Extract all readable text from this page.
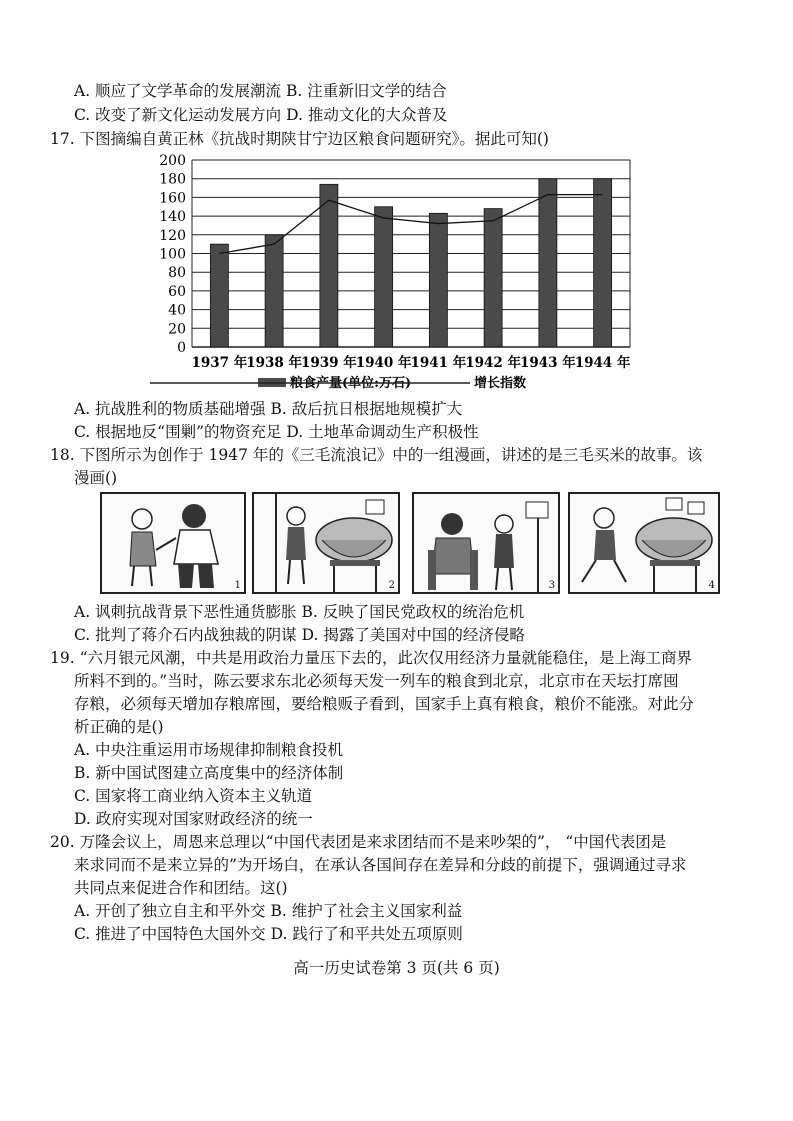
A. 顺应了文学革命的发展潮流 B. 注重新旧文学的结合
C. 改变了新文化运动发展方向 D. 推动文化的大众普及
17. 下图摘编自黄正林《抗战时期陕甘宁边区粮食问题研究》。据此可知()
0
20
40
60
80
100
120
140
160
180
200
1937 年
1938 年
1939 年
1940 年
1941 年
1942 年
1943 年
1944 年
粮食产量(单位:万石)	增长指数
A. 抗战胜利的物质基础增强 B. 敌后抗日根据地规模扩大
C. 根据地反“围剿”的物资充足 D. 土地革命调动生产积极性
18. 下图所示为创作于 1947 年的《三毛流浪记》中的一组漫画，讲述的是三毛买米的故事。该
漫画()
1	2	3	4
A. 讽刺抗战背景下恶性通货膨胀 B. 反映了国民党政权的统治危机
C. 批判了蒋介石内战独裁的阴谋 D. 揭露了美国对中国的经济侵略
19. “六月银元风潮，中共是用政治力量压下去的，此次仅用经济力量就能稳住，是上海工商界
所料不到的。”当时，陈云要求东北必须每天发一列车的粮食到北京，北京市在天坛打席囤
存粮，必须每天增加存粮席囤，要给粮贩子看到，国家手上真有粮食，粮价不能涨。对此分
析正确的是()
A. 中央注重运用市场规律抑制粮食投机
B. 新中国试图建立高度集中的经济体制
C. 国家将工商业纳入资本主义轨道
D. 政府实现对国家财政经济的统一
20. 万隆会议上，周恩来总理以“中国代表团是来求团结而不是来吵架的”， “中国代表团是
来求同而不是来立异的”为开场白，在承认各国间存在差异和分歧的前提下，强调通过寻求
共同点来促进合作和团结。这()
A. 开创了独立自主和平外交 B. 维护了社会主义国家利益
C. 推进了中国特色大国外交 D. 践行了和平共处五项原则
高一历史试卷第 3 页(共 6 页)
